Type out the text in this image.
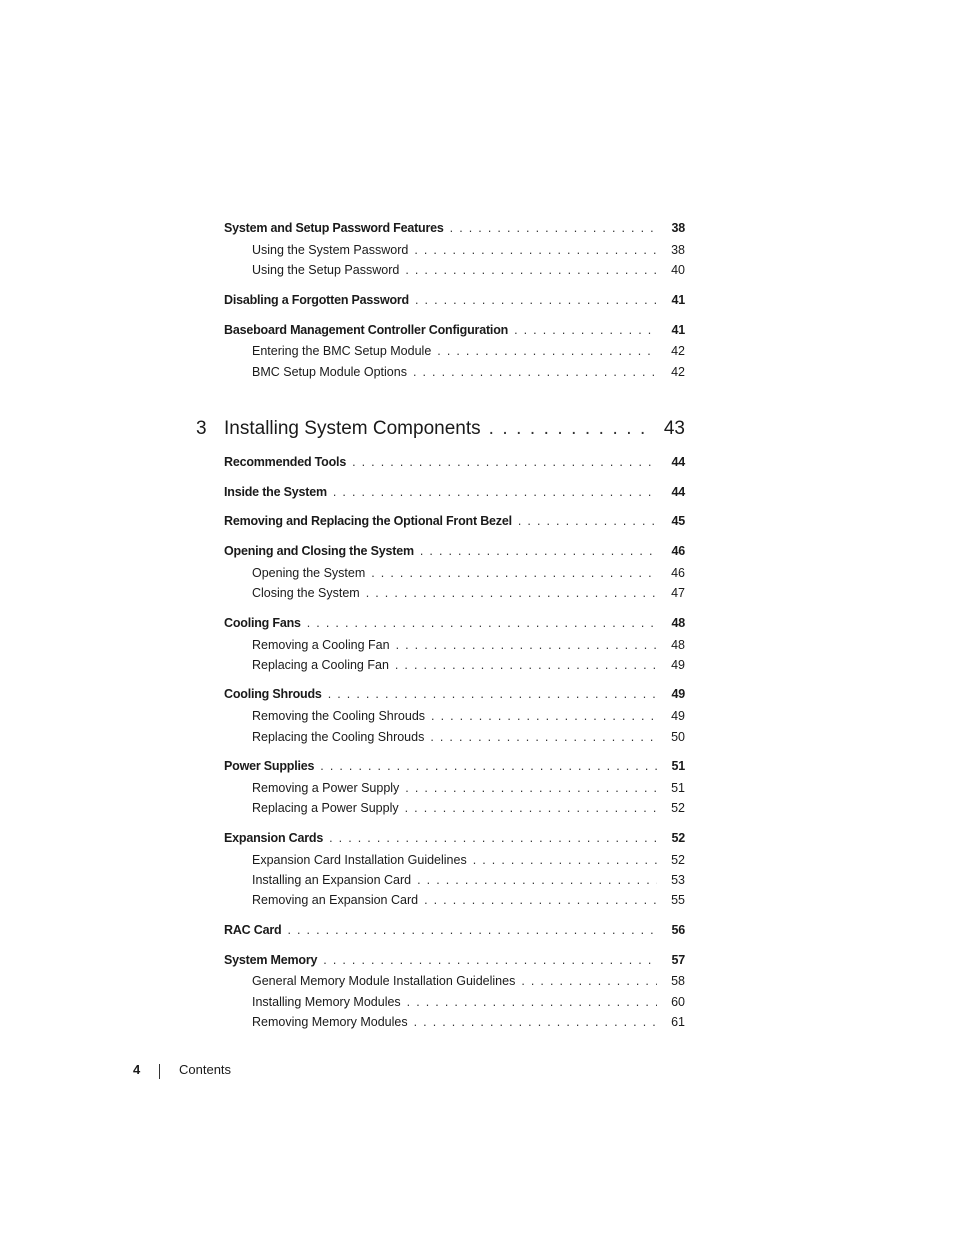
System and Setup Password Features . . .	38
Using the System Password . . .	38
Using the Setup Password . . .	40
Disabling a Forgotten Password . . .	41
Baseboard Management Controller Configuration . . .	41
Entering the BMC Setup Module . . .	42
BMC Setup Module Options . . .	42
3 Installing System Components . . .	43
Recommended Tools . . .	44
Inside the System . . .	44
Removing and Replacing the Optional Front Bezel . . .	45
Opening and Closing the System . . .	46
Opening the System . . .	46
Closing the System . . .	47
Cooling Fans . . .	48
Removing a Cooling Fan . . .	48
Replacing a Cooling Fan . . .	49
Cooling Shrouds . . .	49
Removing the Cooling Shrouds . . .	49
Replacing the Cooling Shrouds . . .	50
Power Supplies . . .	51
Removing a Power Supply . . .	51
Replacing a Power Supply . . .	52
Expansion Cards . . .	52
Expansion Card Installation Guidelines . . .	52
Installing an Expansion Card . . .	53
Removing an Expansion Card . . .	55
RAC Card . . .	56
System Memory . . .	57
General Memory Module Installation Guidelines . . .	58
Installing Memory Modules . . .	60
Removing Memory Modules . . .	61
4	Contents
